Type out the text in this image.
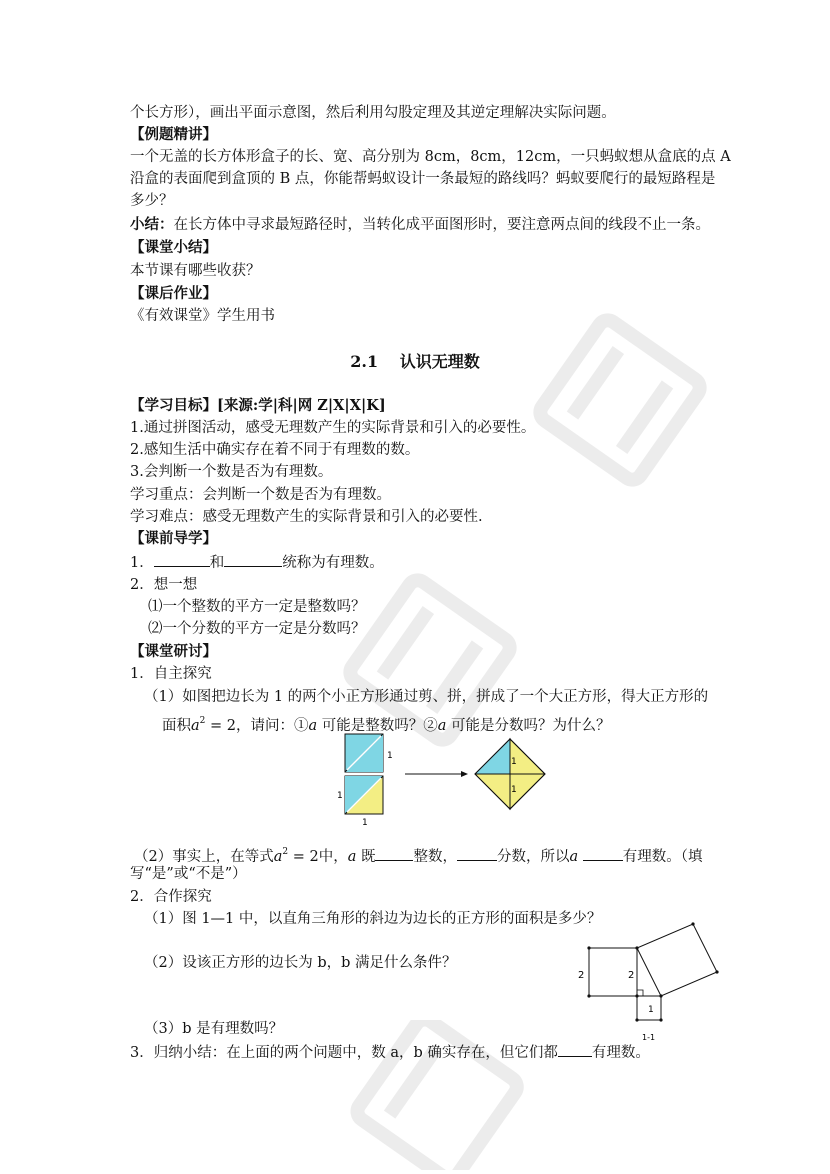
个长方形），画出平面示意图，然后利用勾股定理及其逆定理解决实际问题。
【例题精讲】
一个无盖的长方体形盒子的长、宽、高分别为 8cm，8cm，12cm，一只蚂蚁想从盒底的点 A
沿盒的表面爬到盒顶的 B 点，你能帮蚂蚁设计一条最短的路线吗？蚂蚁要爬行的最短路程是
多少？
小结：在长方体中寻求最短路径时，当转化成平面图形时，要注意两点间的线段不止一条。
【课堂小结】
本节课有哪些收获？
【课后作业】
《有效课堂》学生用书
2.1　 认识无理数
【学习目标】[来源:学|科|网 Z|X|X|K]
1.通过拼图活动，感受无理数产生的实际背景和引入的必要性。
2.感知生活中确实存在着不同于有理数的数。
3.会判断一个数是否为有理数。
学习重点：会判断一个数是否为有理数。
学习难点：感受无理数产生的实际背景和引入的必要性.
【课前导学】
1．	和	统称为有理数。
2．想一想
⑴一个整数的平方一定是整数吗？
⑵一个分数的平方一定是分数吗？
【课堂研讨】
1．自主探究
（1）如图把边长为 1 的两个小正方形通过剪、拼，拼成了一个大正方形，得大正方形的
面积$a^2 = 2$，请问：①a 可能是整数吗？②a 可能是分数吗？为什么？
1
1
1
1
1
（2）事实上，在等式$a^2 = 2$中，a 既	整数，	分数，所以a	有理数。（填
写“是”或“不是”）
2．合作探究
（1）图 1—1 中，以直角三角形的斜边为边长的正方形的面积是多少？
（2）设该正方形的边长为 b，b 满足什么条件？
（3）b 是有理数吗？
2	2
1
1-1
3．归纳小结：在上面的两个问题中，数 a，b 确实存在，但它们都 有理数。
